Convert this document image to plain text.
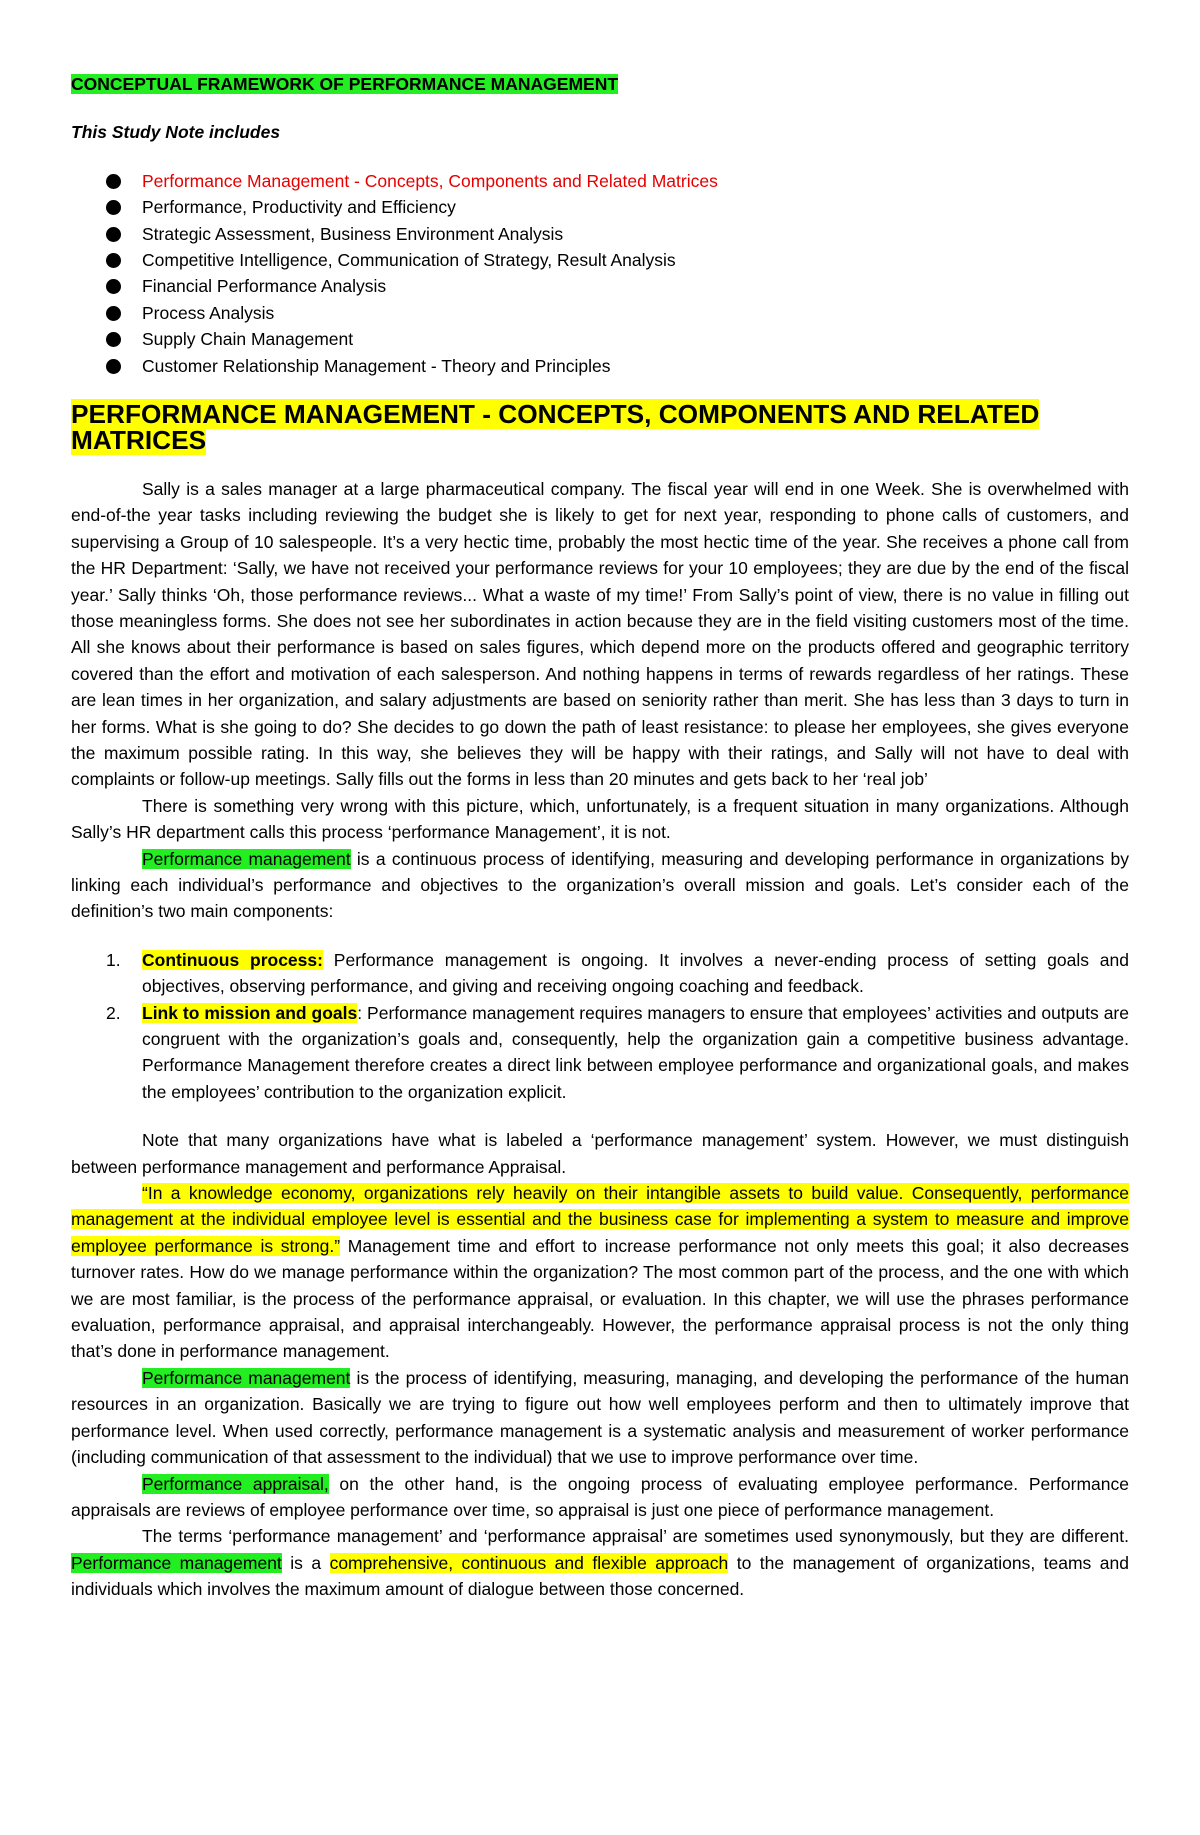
CONCEPTUAL FRAMEWORK OF PERFORMANCE MANAGEMENT

This Study Note includes

Performance Management - Concepts, Components and Related Matrices
Performance, Productivity and Efficiency
Strategic Assessment, Business Environment Analysis
Competitive Intelligence, Communication of Strategy, Result Analysis
Financial Performance Analysis
Process Analysis
Supply Chain Management
Customer Relationship Management - Theory and Principles
PERFORMANCE MANAGEMENT - CONCEPTS, COMPONENTS AND RELATED MATRICES

Sally is a sales manager at a large pharmaceutical company. The fiscal year will end in one Week. She is overwhelmed with end-of-the year tasks including reviewing the budget she is likely to get for next year, responding to phone calls of customers, and supervising a Group of 10 salespeople. It’s a very hectic time, probably the most hectic time of the year. She receives a phone call from the HR Department: ‘Sally, we have not received your performance reviews for your 10 employees; they are due by the end of the fiscal year.’ Sally thinks ‘Oh, those performance reviews... What a waste of my time!’ From Sally’s point of view, there is no value in filling out those meaningless forms. She does not see her subordinates in action because they are in the field visiting customers most of the time. All she knows about their performance is based on sales figures, which depend more on the products offered and geographic territory covered than the effort and motivation of each salesperson. And nothing happens in terms of rewards regardless of her ratings. These are lean times in her organization, and salary adjustments are based on seniority rather than merit. She has less than 3 days to turn in her forms. What is she going to do? She decides to go down the path of least resistance: to please her employees, she gives everyone the maximum possible rating. In this way, she believes they will be happy with their ratings, and Sally will not have to deal with complaints or follow-up meetings. Sally fills out the forms in less than 20 minutes and gets back to her ‘real job’

There is something very wrong with this picture, which, unfortunately, is a frequent situation in many organizations. Although Sally’s HR department calls this process ‘performance Management’, it is not.

Performance management is a continuous process of identifying, measuring and developing performance in organizations by linking each individual’s performance and objectives to the organization’s overall mission and goals. Let’s consider each of the definition’s two main components:

1. Continuous process: Performance management is ongoing. It involves a never-ending process of setting goals and objectives, observing performance, and giving and receiving ongoing coaching and feedback.
2. Link to mission and goals: Performance management requires managers to ensure that employees’ activities and outputs are congruent with the organization’s goals and, consequently, help the organization gain a competitive business advantage. Performance Management therefore creates a direct link between employee performance and organizational goals, and makes the employees’ contribution to the organization explicit.

Note that many organizations have what is labeled a ‘performance management’ system. However, we must distinguish between performance management and performance Appraisal.

“In a knowledge economy, organizations rely heavily on their intangible assets to build value. Consequently, performance management at the individual employee level is essential and the business case for implementing a system to measure and improve employee performance is strong.” Management time and effort to increase performance not only meets this goal; it also decreases turnover rates. How do we manage performance within the organization? The most common part of the process, and the one with which we are most familiar, is the process of the performance appraisal, or evaluation. In this chapter, we will use the phrases performance evaluation, performance appraisal, and appraisal interchangeably. However, the performance appraisal process is not the only thing that’s done in performance management.

Performance management is the process of identifying, measuring, managing, and developing the performance of the human resources in an organization. Basically we are trying to figure out how well employees perform and then to ultimately improve that performance level. When used correctly, performance management is a systematic analysis and measurement of worker performance (including communication of that assessment to the individual) that we use to improve performance over time.

Performance appraisal, on the other hand, is the ongoing process of evaluating employee performance. Performance appraisals are reviews of employee performance over time, so appraisal is just one piece of performance management.

The terms ‘performance management’ and ‘performance appraisal’ are sometimes used synonymously, but they are different. Performance management is a comprehensive, continuous and flexible approach to the management of organizations, teams and individuals which involves the maximum amount of dialogue between those concerned.
